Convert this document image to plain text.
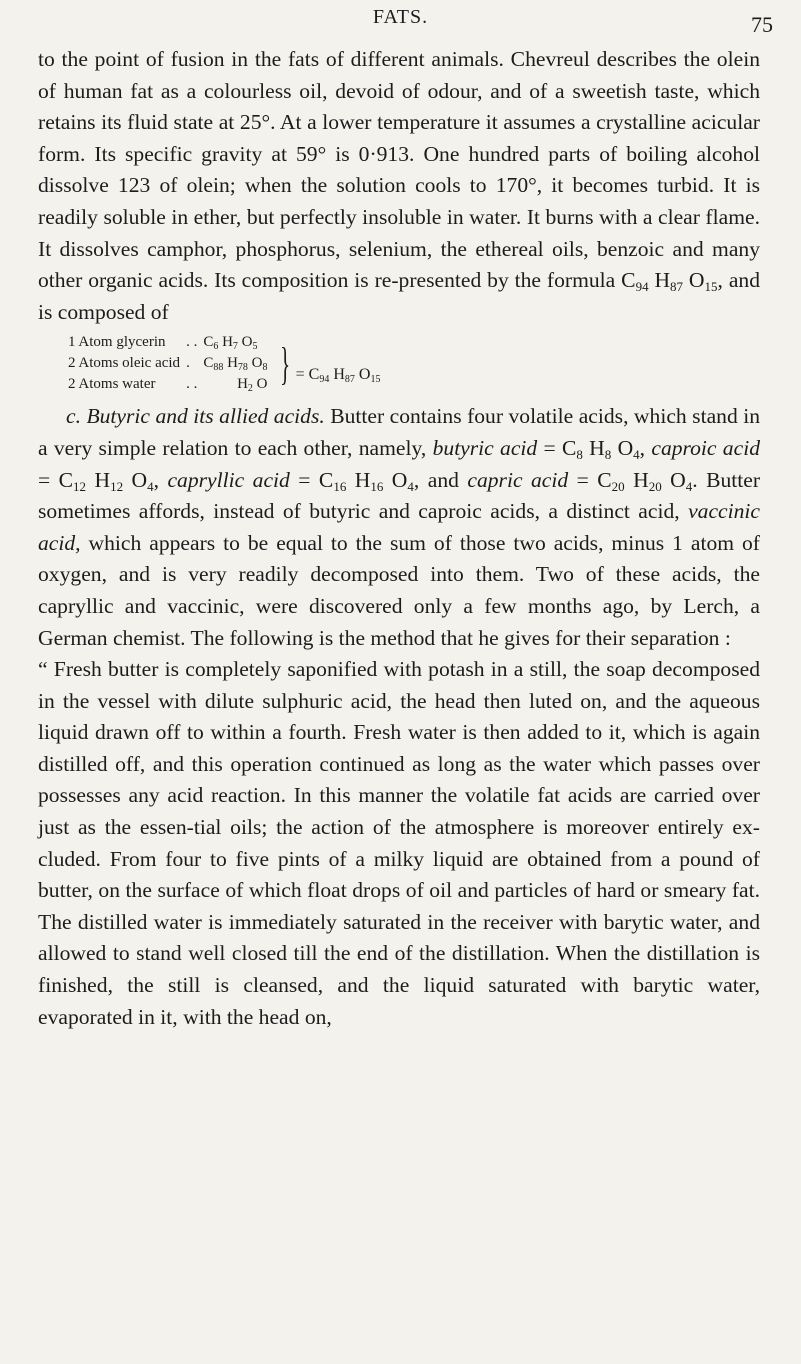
FATS.	75

to the point of fusion in the fats of different animals. Chevreul describes the olein of human fat as a colourless oil, devoid of odour, and of a sweetish taste, which retains its fluid state at 25°. At a lower temperature it assumes a crystalline acicular form. Its specific gravity at 59° is 0·913. One hundred parts of boiling alcohol dissolve 123 of olein; when the solution cools to 170°, it becomes turbid. It is readily soluble in ether, but perfectly insoluble in water. It burns with a clear flame. It dissolves camphor, phosphorus, selenium, the ethereal oils, benzoic and many other organic acids. Its composition is re-presented by the formula $C_{94}$ $H_{87}$ $O_{15}$, and is composed of

1 Atom glycerin	. .	$C_6$ $H_7$ $O_5$	} = $C_{94}$ $H_{87}$ $O_{15}$
2 Atoms oleic acid	.	$C_{88}$ $H_{78}$ $O_8$
2 Atoms water	. .	$H_2$ O	

c. Butyric and its allied acids. Butter contains four volatile acids, which stand in a very simple relation to each other, namely, butyric acid = $C_8$ $H_8$ $O_4$, caproic acid = $C_{12}$ $H_{12}$ $O_4$, capryllic acid = $C_{16}$ $H_{16}$ $O_4$, and capric acid = $C_{20}$ $H_{20}$ $O_4$. Butter sometimes affords, instead of butyric and caproic acids, a distinct acid, vaccinic acid, which appears to be equal to the sum of those two acids, minus 1 atom of oxygen, and is very readily decomposed into them. Two of these acids, the capryllic and vaccinic, were discovered only a few months ago, by Lerch, a German chemist. The following is the method that he gives for their separation :

“ Fresh butter is completely saponified with potash in a still, the soap decomposed in the vessel with dilute sulphuric acid, the head then luted on, and the aqueous liquid drawn off to within a fourth. Fresh water is then added to it, which is again distilled off, and this operation continued as long as the water which passes over possesses any acid reaction. In this manner the volatile fat acids are carried over just as the essen-tial oils; the action of the atmosphere is moreover entirely ex-cluded. From four to five pints of a milky liquid are obtained from a pound of butter, on the surface of which float drops of oil and particles of hard or smeary fat. The distilled water is immediately saturated in the receiver with barytic water, and allowed to stand well closed till the end of the distillation. When the distillation is finished, the still is cleansed, and the liquid saturated with barytic water, evaporated in it, with the head on,
